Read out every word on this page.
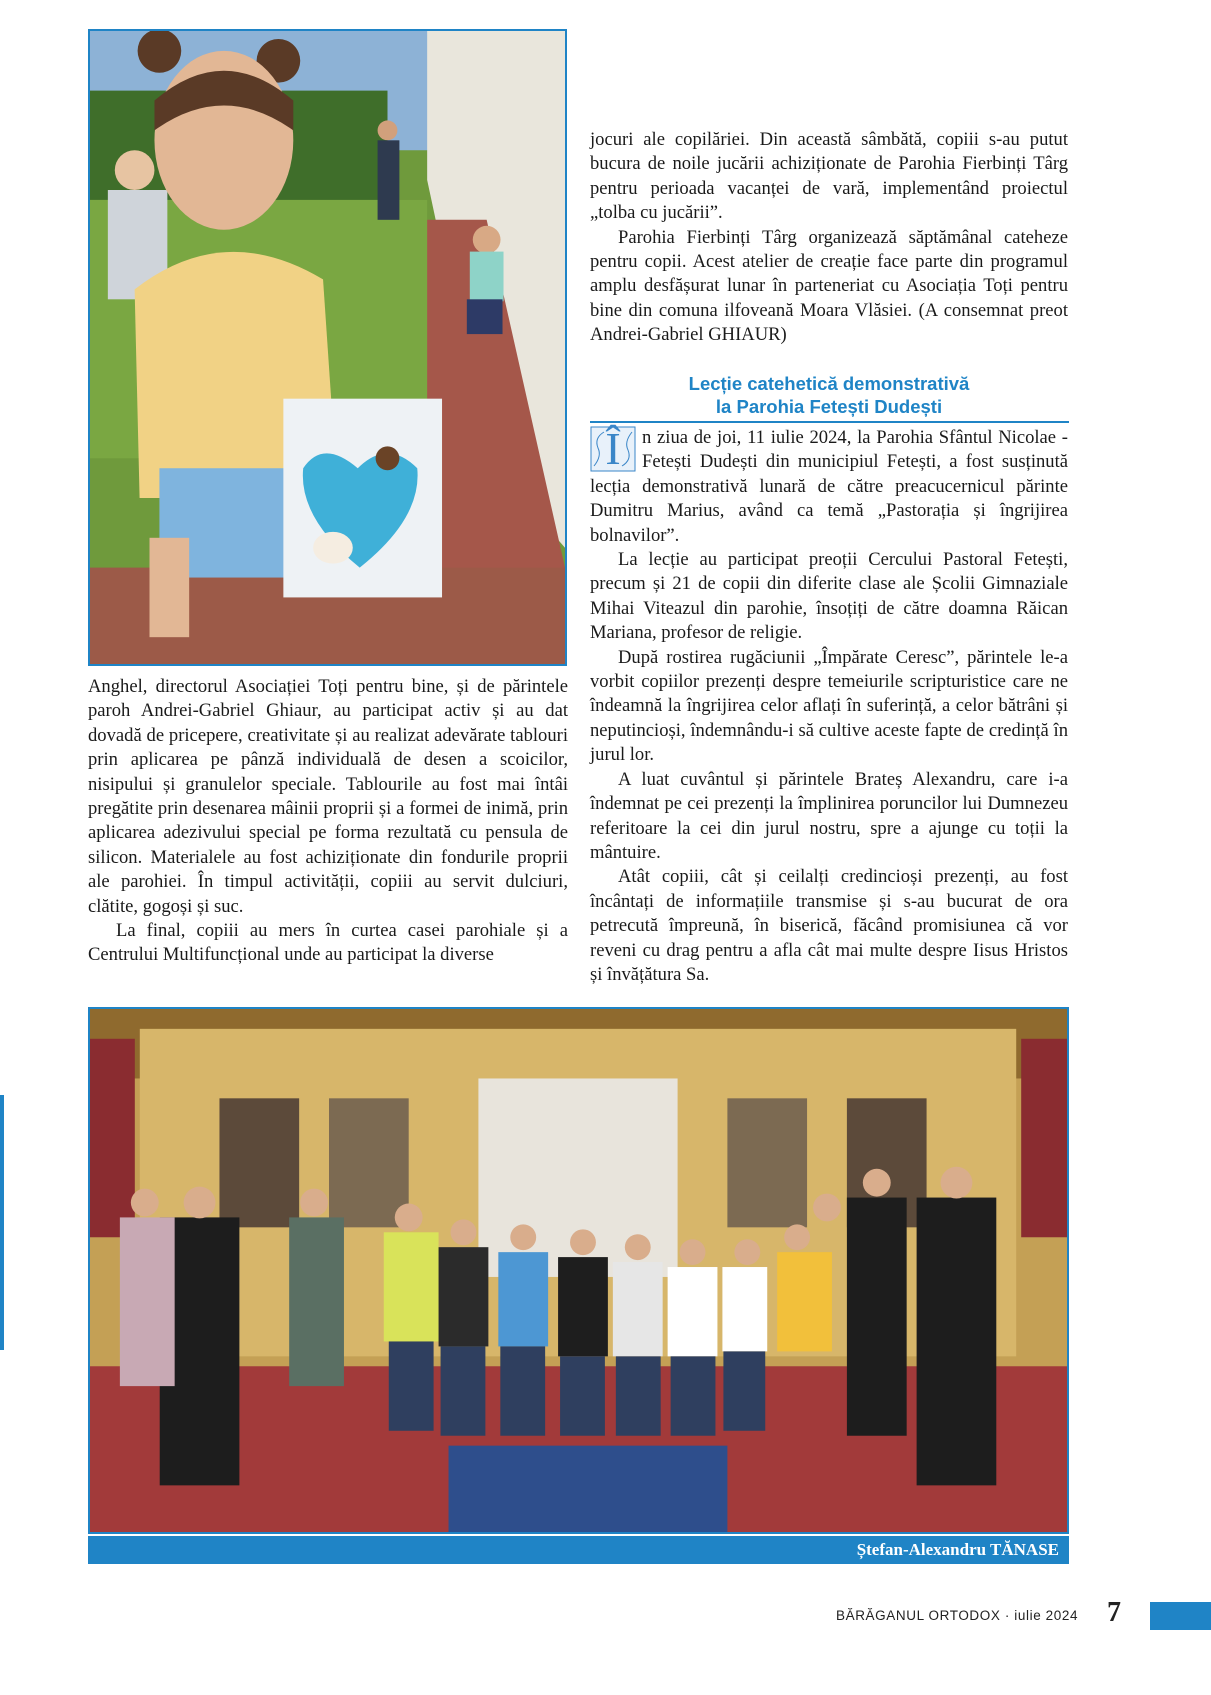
Anghel, directorul Asociației Toți pentru bine, și de părintele paroh Andrei-Gabriel Ghiaur, au participat activ și au dat dovadă de pricepere, creativitate și au realizat adevărate tablouri prin aplicarea pe pânză individuală de desen a scoicilor, nisipului și granulelor speciale. Tablourile au fost mai întâi pregătite prin desenarea mâinii proprii și a formei de inimă, prin aplicarea adezivului special pe forma rezultată cu pensula de silicon. Materialele au fost achiziționate din fondurile proprii ale parohiei. În timpul activității, copiii au servit dulciuri, clătite, gogoși și suc.

La final, copiii au mers în curtea casei parohiale și a Centrului Multifuncțional unde au participat la diverse

jocuri ale copilăriei. Din această sâmbătă, copiii s-au putut bucura de noile jucării achiziționate de Parohia Fierbinți Târg pentru perioada vacanței de vară, implementând proiectul „tolba cu jucării”.

Parohia Fierbinți Târg organizează săptămânal cateheze pentru copii. Acest atelier de creație face parte din programul amplu desfășurat lunar în parteneriat cu Asociația Toți pentru bine din comuna ilfoveană Moara Vlăsiei. (A consemnat preot Andrei-Gabriel GHIAUR)

Lecție catehetică demonstrativă
la Parohia Fetești Dudești

Î	n ziua de joi, 11 iulie 2024, la Parohia Sfântul Nicolae - Fetești Dudești din municipiul Fetești, a fost susținută lecția demonstrativă lunară de către preacucernicul părinte Dumitru Marius, având ca temă „Pastorația și îngrijirea bolnavilor”.

La lecție au participat preoții Cercului Pastoral Fetești, precum și 21 de copii din diferite clase ale Școlii Gimnaziale Mihai Viteazul din parohie, însoțiți de către doamna Răican Mariana, profesor de religie.

După rostirea rugăciunii „Împărate Ceresc”, părintele le-a vorbit copiilor prezenți despre temeiurile scripturistice care ne îndeamnă la îngrijirea celor aflați în suferință, a celor bătrâni și neputincioși, îndemnându-i să cultive aceste fapte de credință în jurul lor.

A luat cuvântul și părintele Brateș Alexandru, care i-a îndemnat pe cei prezenți la împlinirea poruncilor lui Dumnezeu referitoare la cei din jurul nostru, spre a ajunge cu toții la mântuire.

Atât copiii, cât și ceilalți credincioși prezenți, au fost încântați de informațiile transmise și s-au bucurat de ora petrecută împreună, în biserică, făcând promisiunea că vor reveni cu drag pentru a afla cât mai multe despre Iisus Hristos și învățătura Sa.

Ștefan-Alexandru TĂNASE
BĂRĂGANUL ORTODOX · iulie 2024 7
